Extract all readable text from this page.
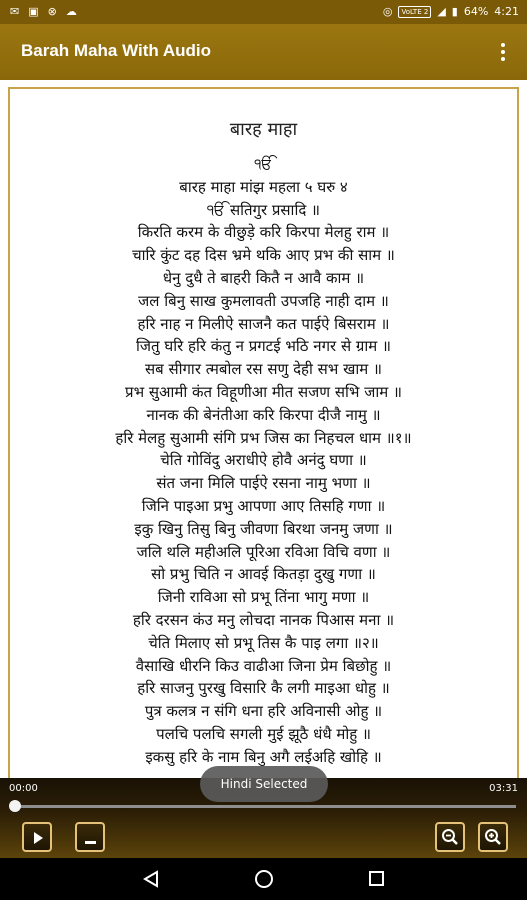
✉ ▣ ⊗ ☁	◎	VoLTE 2 ◢ ▮ 64% 4:21
Barah Maha With Audio
बारह माहा
ੴ
बारह माहा मांझ महला ५ घरु ४
ੴ सतिगुर प्रसादि ॥
किरति करम के वीछुड़े करि किरपा मेलहु राम ॥
चारि कुंट दह दिस भ्रमे थकि आए प्रभ की साम ॥
धेनु दुधै ते बाहरी कितै न आवै काम ॥
जल बिनु साख कुमलावती उपजहि नाही दाम ॥
हरि नाह न मिलीऐ साजनै कत पाईऐ बिसराम ॥
जितु घरि हरि कंतु न प्रगटई भठि नगर से ग्राम ॥
सब सीगार त्मबोल रस सणु देही सभ खाम ॥
प्रभ सुआमी कंत विहूणीआ मीत सजण सभि जाम ॥
नानक की बेनंतीआ करि किरपा दीजै नामु ॥
हरि मेलहु सुआमी संगि प्रभ जिस का निहचल धाम ॥१॥
चेति गोविंदु अराधीऐ होवै अनंदु घणा ॥
संत जना मिलि पाईऐ रसना नामु भणा ॥
जिनि पाइआ प्रभु आपणा आए तिसहि गणा ॥
इकु खिनु तिसु बिनु जीवणा बिरथा जनमु जणा ॥
जलि थलि महीअलि पूरिआ रविआ विचि वणा ॥
सो प्रभु चिति न आवई कितड़ा दुखु गणा ॥
जिनी राविआ सो प्रभू तिंना भागु मणा ॥
हरि दरसन कंउ मनु लोचदा नानक पिआस मना ॥
चेति मिलाए सो प्रभू तिस कै पाइ लगा ॥२॥
वैसाखि धीरनि किउ वाढीआ जिना प्रेम बिछोहु ॥
हरि साजनु पुरखु विसारि कै लगी माइआ धोहु ॥
पुत्र कलत्र न संगि धना हरि अविनासी ओहु ॥
पलचि पलचि सगली मुई झूठै धंधै मोहु ॥
इकसु हरि के नाम बिनु अगै लईअहि खोहि ॥
00:00	03:31
Hindi Selected
